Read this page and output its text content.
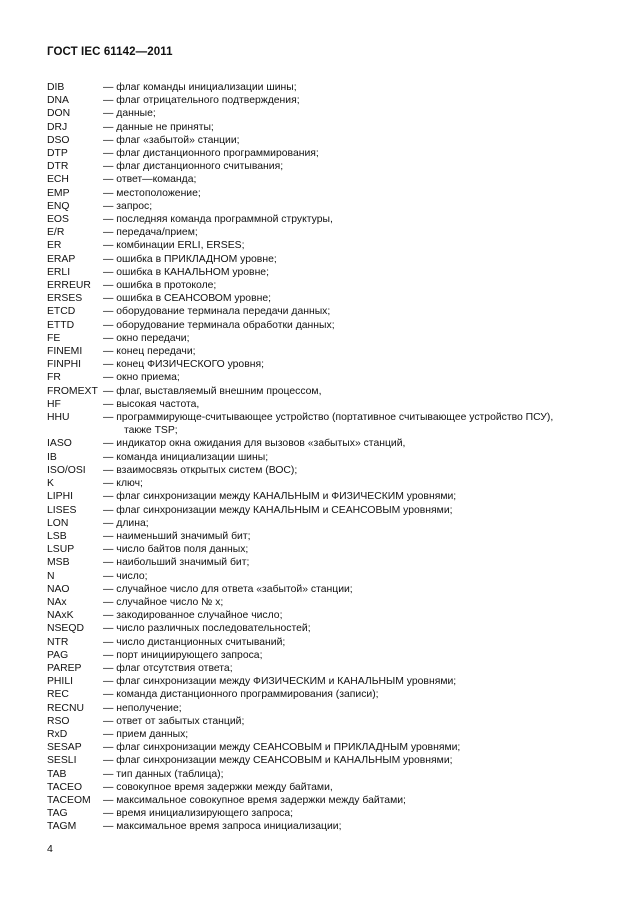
ГОСТ IEC 61142—2011
DIB	— флаг команды инициализации шины;
DNA	— флаг отрицательного подтверждения;
DON	— данные;
DRJ	— данные не приняты;
DSO	— флаг «забытой» станции;
DTP	— флаг дистанционного программирования;
DTR	— флаг дистанционного считывания;
ECH	— ответ—команда;
EMP	— местоположение;
ENQ	— запрос;
EOS	— последняя команда программной структуры,
E/R	— передача/прием;
ER	— комбинации ERLI, ERSES;
ERAP	— ошибка в ПРИКЛАДНОМ уровне;
ERLI	— ошибка в КАНАЛЬНОМ уровне;
ERREUR	— ошибка в протоколе;
ERSES	— ошибка в СЕАНСОВОМ уровне;
ETCD	— оборудование терминала передачи данных;
ETTD	— оборудование терминала обработки данных;
FE	— окно передачи;
FINEMI	— конец передачи;
FINPHI	— конец ФИЗИЧЕСКОГО уровня;
FR	— окно приема;
FROMEXT — флаг, выставляемый внешним процессом,
HF	— высокая частота,
HHU	— программирующе-считывающее устройство (портативное считывающее устройство ПСУ),
также TSP;
IASO	— индикатор окна ожидания для вызовов «забытых» станций,
IB	— команда инициализации шины;
ISO/OSI	— взаимосвязь открытых систем (ВОС);
K	— ключ;
LIPHI	— флаг синхронизации между КАНАЛЬНЫМ и ФИЗИЧЕСКИМ уровнями;
LISES	— флаг синхронизации между КАНАЛЬНЫМ и СЕАНСОВЫМ уровнями;
LON	— длина;
LSB	— наименьший значимый бит;
LSUP	— число байтов поля данных;
MSB	— наибольший значимый бит;
N	— число;
NAO	— случайное число для ответа «забытой» станции;
NAx	— случайное число № x;
NAxK	— закодированное случайное число;
NSEQD	— число различных последовательностей;
NTR	— число дистанционных считываний;
PAG	— порт инициирующего запроса;
PAREP	— флаг отсутствия ответа;
PHILI	— флаг синхронизации между ФИЗИЧЕСКИМ и КАНАЛЬНЫМ уровнями;
REC	— команда дистанционного программирования (записи);
RECNU	— неполучение;
RSO	— ответ от забытых станций;
RxD	— прием данных;
SESAP	— флаг синхронизации между СЕАНСОВЫМ и ПРИКЛАДНЫМ уровнями;
SESLI	— флаг синхронизации между СЕАНСОВЫМ и КАНАЛЬНЫМ уровнями;
TAB	— тип данных (таблица);
TACEO	— совокупное время задержки между байтами,
TACEOM	— максимальное совокупное время задержки между байтами;
TAG	— время инициализирующего запроса;
TAGM	— максимальное время запроса инициализации;
4
